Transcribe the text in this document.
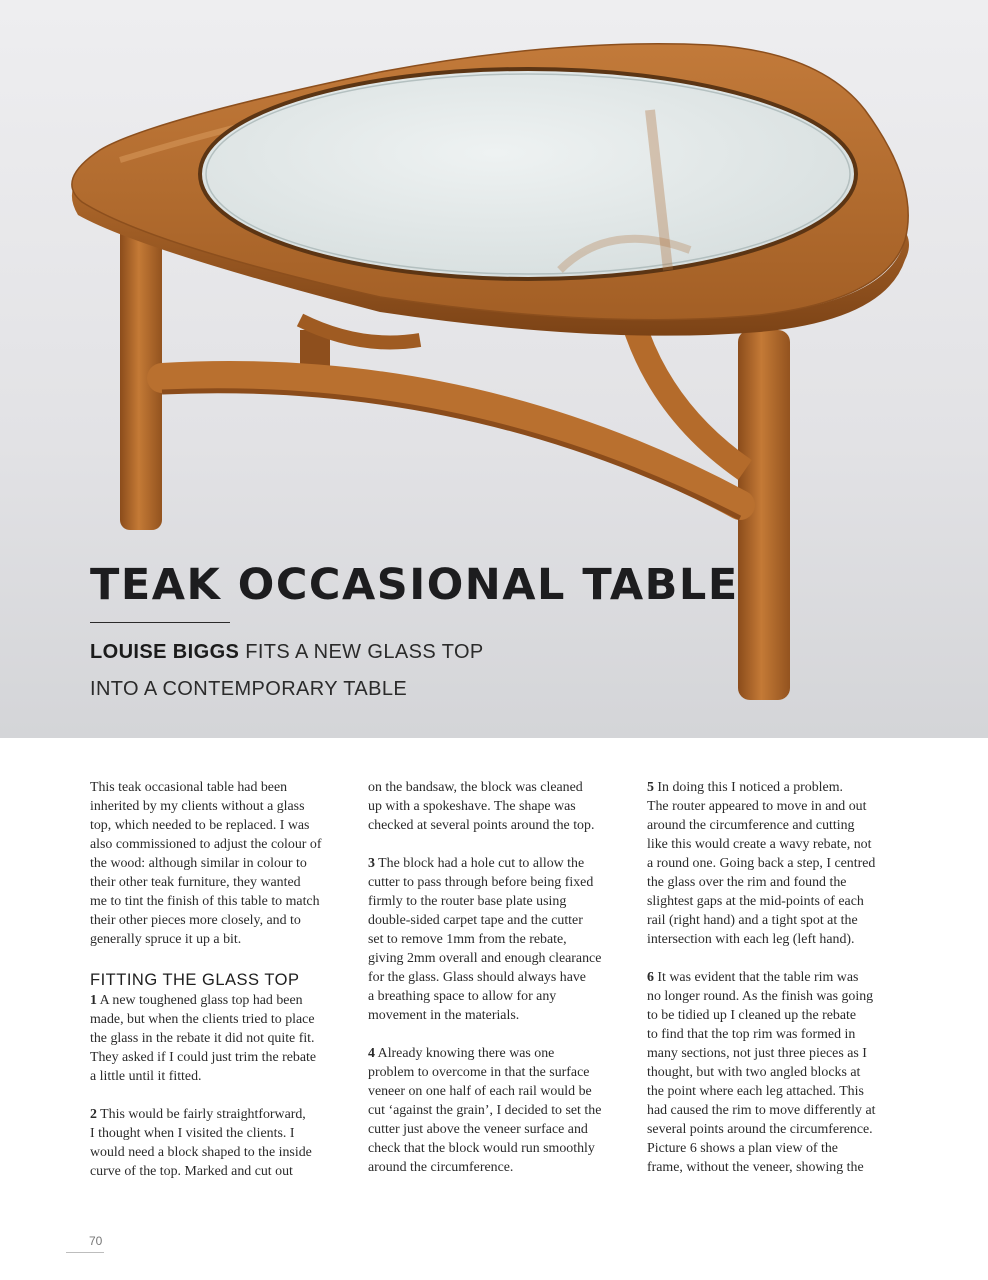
TEAK OCCASIONAL TABLE
LOUISE BIGGS FITS A NEW GLASS TOP
INTO A CONTEMPORARY TABLE

This teak occasional table had been
inherited by my clients without a glass
top, which needed to be replaced. I was
also commissioned to adjust the colour of
the wood: although similar in colour to
their other teak furniture, they wanted
me to tint the finish of this table to match
their other pieces more closely, and to
generally spruce it up a bit.

FITTING THE GLASS TOP

1 A new toughened glass top had been
made, but when the clients tried to place
the glass in the rebate it did not quite fit.
They asked if I could just trim the rebate
a little until it fitted.

2 This would be fairly straightforward,
I thought when I visited the clients. I
would need a block shaped to the inside
curve of the top. Marked and cut out

on the bandsaw, the block was cleaned
up with a spokeshave. The shape was
checked at several points around the top.

3 The block had a hole cut to allow the
cutter to pass through before being fixed
firmly to the router base plate using
double-sided carpet tape and the cutter
set to remove 1mm from the rebate,
giving 2mm overall and enough clearance
for the glass. Glass should always have
a breathing space to allow for any
movement in the materials.

4 Already knowing there was one
problem to overcome in that the surface
veneer on one half of each rail would be
cut ‘against the grain’, I decided to set the
cutter just above the veneer surface and
check that the block would run smoothly
around the circumference.

5 In doing this I noticed a problem.
The router appeared to move in and out
around the circumference and cutting
like this would create a wavy rebate, not
a round one. Going back a step, I centred
the glass over the rim and found the
slightest gaps at the mid-points of each
rail (right hand) and a tight spot at the
intersection with each leg (left hand).

6 It was evident that the table rim was
no longer round. As the finish was going
to be tidied up I cleaned up the rebate
to find that the top rim was formed in
many sections, not just three pieces as I
thought, but with two angled blocks at
the point where each leg attached. This
had caused the rim to move differently at
several points around the circumference.
Picture 6 shows a plan view of the
frame, without the veneer, showing the

70
